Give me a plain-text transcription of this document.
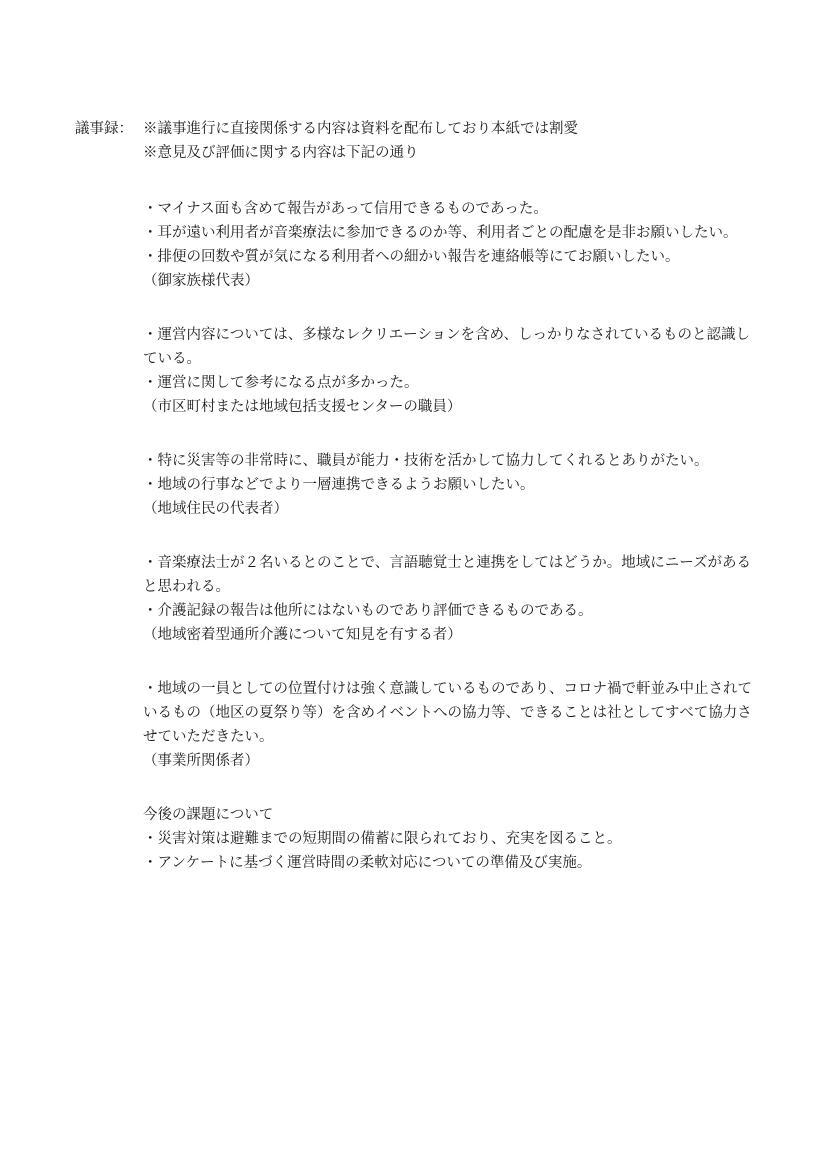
議事録： ※議事進行に直接関係する内容は資料を配布しており本紙では割愛
※意見及び評価に関する内容は下記の通り
・マイナス面も含めて報告があって信用できるものであった。
・耳が遠い利用者が音楽療法に参加できるのか等、利用者ごとの配慮を是非お願いしたい。
・排便の回数や質が気になる利用者への細かい報告を連絡帳等にてお願いしたい。
（御家族様代表）
・運営内容については、多様なレクリエーションを含め、しっかりなされているものと認識し
ている。
・運営に関して参考になる点が多かった。
（市区町村または地域包括支援センターの職員）
・特に災害等の非常時に、職員が能力・技術を活かして協力してくれるとありがたい。
・地域の行事などでより一層連携できるようお願いしたい。
（地域住民の代表者）
・音楽療法士が２名いるとのことで、言語聴覚士と連携をしてはどうか。地域にニーズがある
と思われる。
・介護記録の報告は他所にはないものであり評価できるものである。
（地域密着型通所介護について知見を有する者）
・地域の一員としての位置付けは強く意識しているものであり、コロナ禍で軒並み中止されて
いるもの（地区の夏祭り等）を含めイベントへの協力等、できることは社としてすべて協力さ
せていただきたい。
（事業所関係者）
今後の課題について
・災害対策は避難までの短期間の備蓄に限られており、充実を図ること。
・アンケートに基づく運営時間の柔軟対応についての準備及び実施。
